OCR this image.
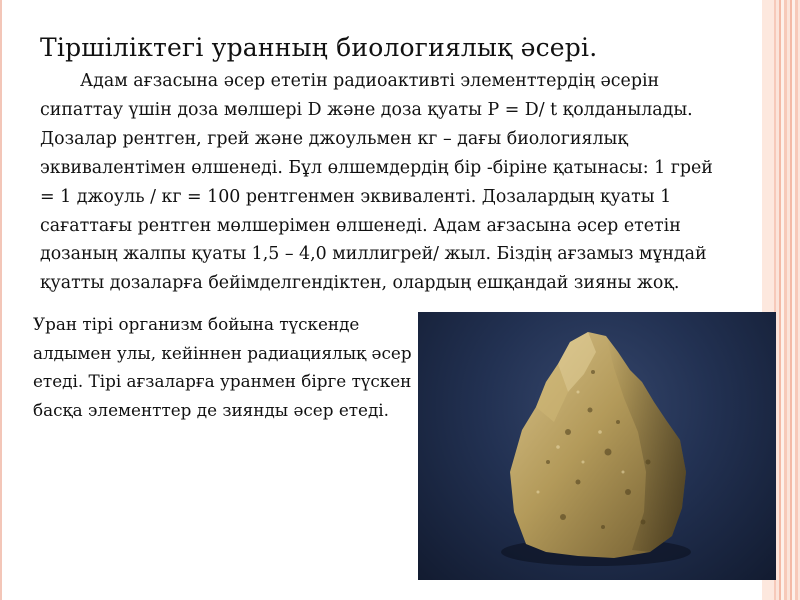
Тіршіліктегі уранның биологиялық әсері.

Адам ағзасына әсер ететін радиоактивті элементтердің әсерін сипаттау үшін доза мөлшері D және доза қуаты P = D/ t қолданылады. Дозалар рентген, грей және джоульмен кг – дағы биологиялық эквивалентімен өлшенеді. Бұл өлшемдердің бір -біріне қатынасы: 1 грей = 1 джоуль / кг = 100 рентгенмен эквиваленті. Дозалардың қуаты 1 сағаттағы рентген мөлшерімен өлшенеді. Адам ағзасына әсер ететін дозаның жалпы қуаты 1,5 – 4,0 миллигрей/ жыл. Біздің ағзамыз мұндай қуатты дозаларға бейімделгендіктен, олардың ешқандай зияны жоқ.

Уран тірі организм бойына түскенде алдымен улы, кейіннен радиациялық әсер етеді. Тірі ағзаларға уранмен бірге түскен басқа элементтер де зиянды әсер етеді.
